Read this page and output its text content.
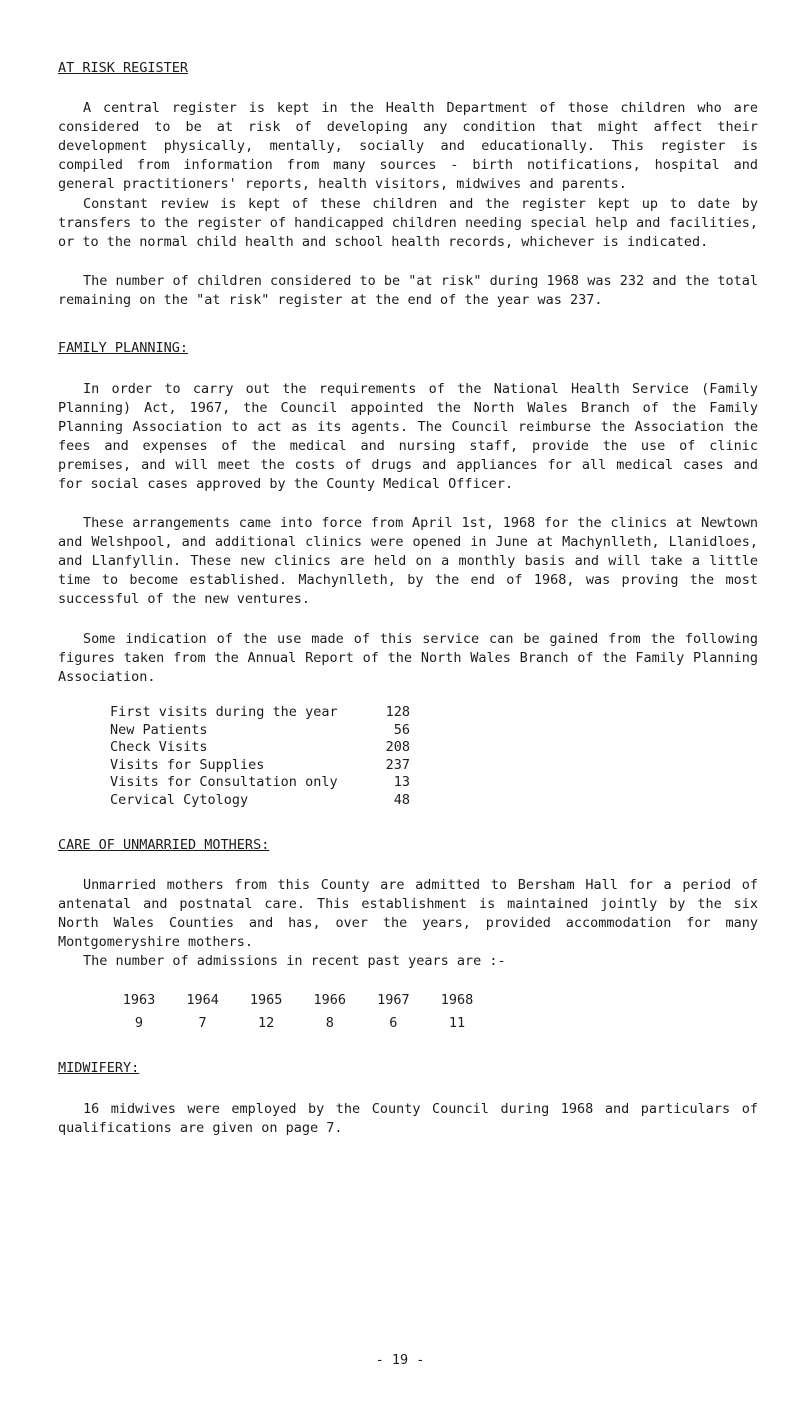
AT RISK REGISTER

A central register is kept in the Health Department of those children who are considered to be at risk of developing any condition that might affect their development physically, mentally, socially and educationally. This register is compiled from information from many sources - birth notifications, hospital and general practitioners' reports, health visitors, midwives and parents.

Constant review is kept of these children and the register kept up to date by transfers to the register of handicapped children needing special help and facilities, or to the normal child health and school health records, whichever is indicated.

The number of children considered to be "at risk" during 1968 was 232 and the total remaining on the "at risk" register at the end of the year was 237.

FAMILY PLANNING:

In order to carry out the requirements of the National Health Service (Family Planning) Act, 1967, the Council appointed the North Wales Branch of the Family Planning Association to act as its agents. The Council reimburse the Association the fees and expenses of the medical and nursing staff, provide the use of clinic premises, and will meet the costs of drugs and appliances for all medical cases and for social cases approved by the County Medical Officer.

These arrangements came into force from April 1st, 1968 for the clinics at Newtown and Welshpool, and additional clinics were opened in June at Machynlleth, Llanidloes, and Llanfyllin. These new clinics are held on a monthly basis and will take a little time to become established. Machynlleth, by the end of 1968, was proving the most successful of the new ventures.

Some indication of the use made of this service can be gained from the following figures taken from the Annual Report of the North Wales Branch of the Family Planning Association.

First visits during the year	128
New Patients	56
Check Visits	208
Visits for Supplies	237
Visits for Consultation only	13
Cervical Cytology	48
CARE OF UNMARRIED MOTHERS:

Unmarried mothers from this County are admitted to Bersham Hall for a period of antenatal and postnatal care. This establishment is maintained jointly by the six North Wales Counties and has, over the years, provided accommodation for many Montgomeryshire mothers.

The number of admissions in recent past years are :-

1963	1964	1965	1966	1967	1968
9	7	12	8	6	11
MIDWIFERY:

16 midwives were employed by the County Council during 1968 and particulars of qualifications are given on page 7.

- 19 -
